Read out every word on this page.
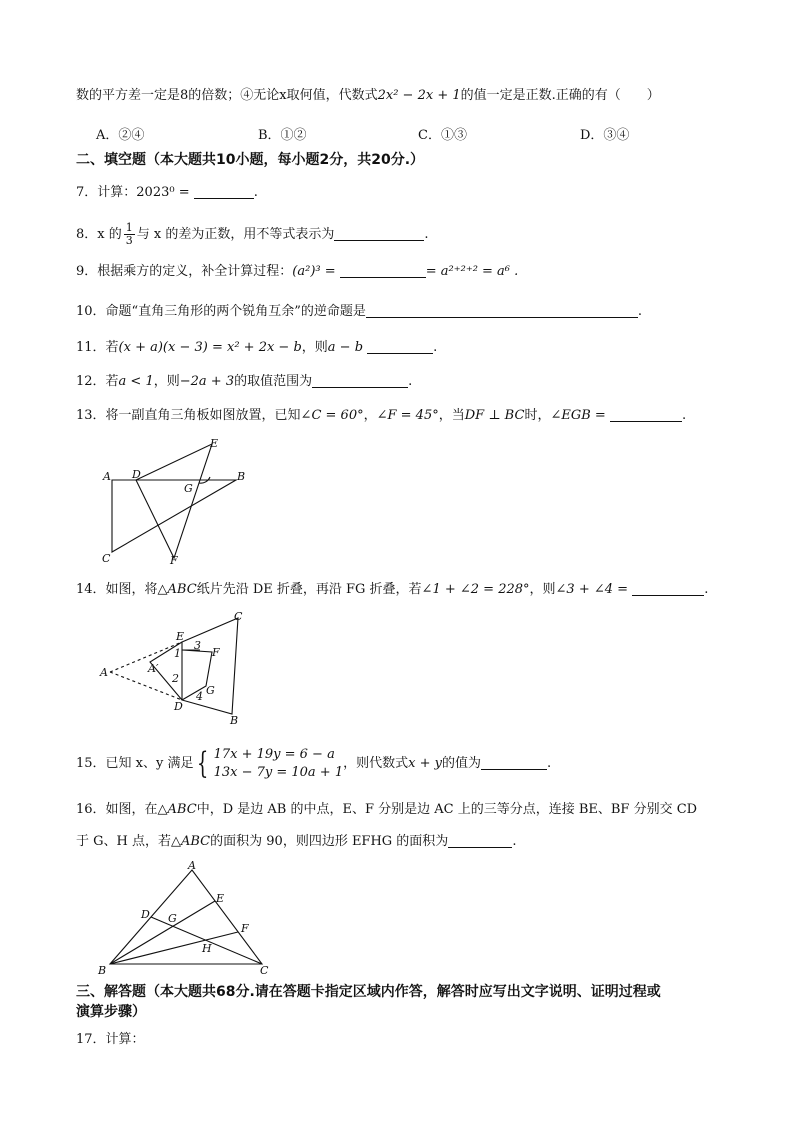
数的平方差一定是8的倍数；④无论x取何值，代数式2x² − 2x + 1的值一定是正数.正确的有（　　）
A．②④	B．①②	C．①③	D．③④
二、填空题（本大题共10小题，每小题2分，共20分.）
7．计算：2023⁰ =	.
8．x 的 $\frac{1}{3}$ 与 x 的差为正数，用不等式表示为	.
9．根据乘方的定义，补全计算过程：(a²)³ =	= a²⁺²⁺² = a⁶ .
10．命题“直角三角形的两个锐角互余”的逆命题是	.
11．若(x + a)(x − 3) = x² + 2x − b，则a − b	.
12．若a < 1，则−2a + 3的取值范围为	.
13．将一副直角三角板如图放置，已知∠C = 60°，∠F = 45°，当DF ⊥ BC时，∠EGB =	.
A D
E
G
B
C	F
14．如图，将△ABC纸片先沿 DE 折叠，再沿 FG 折叠，若∠1 + ∠2 = 228°，则∠3 + ∠4 =	.
C
E
1
3
F
A	A′
2
G
D
4
B
15．已知 x、y 满足 { 17x + 19y = 6 − a
13x − 7y = 10a + 1
，则代数式x + y的值为	.
16．如图，在△ABC中，D 是边 AB 的中点，E、F 分别是边 AC 上的三等分点，连接 BE、BF 分别交 CD
于 G、H 点，若△ABC的面积为 90，则四边形 EFHG 的面积为	.
A
E
D G
F
H
B	C
三、解答题（本大题共68分.请在答题卡指定区域内作答，解答时应写出文字说明、证明过程或
演算步骤）
17．计算：
